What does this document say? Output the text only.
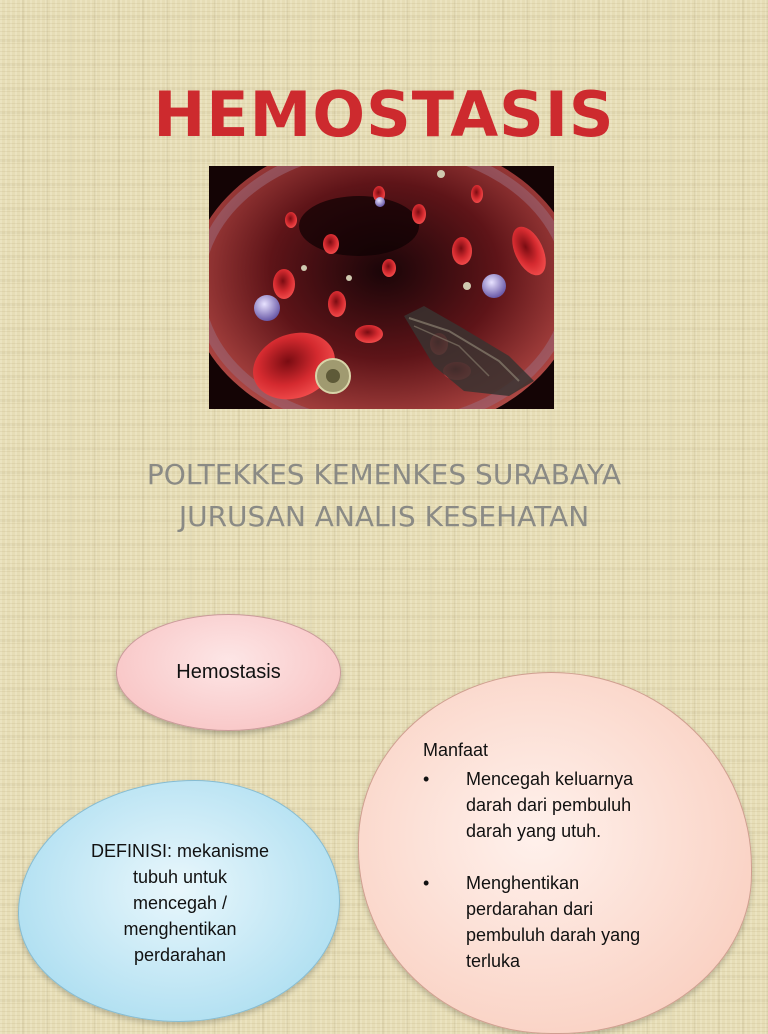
HEMOSTASIS
POLTEKKES KEMENKES SURABAYA
JURUSAN ANALIS KESEHATAN
Hemostasis
DEFINISI: mekanisme
tubuh untuk
mencegah /
menghentikan
perdarahan
Manfaat
• Mencegah keluarnya
darah dari pembuluh
darah yang utuh.
• Menghentikan
perdarahan dari
pembuluh darah yang
terluka
